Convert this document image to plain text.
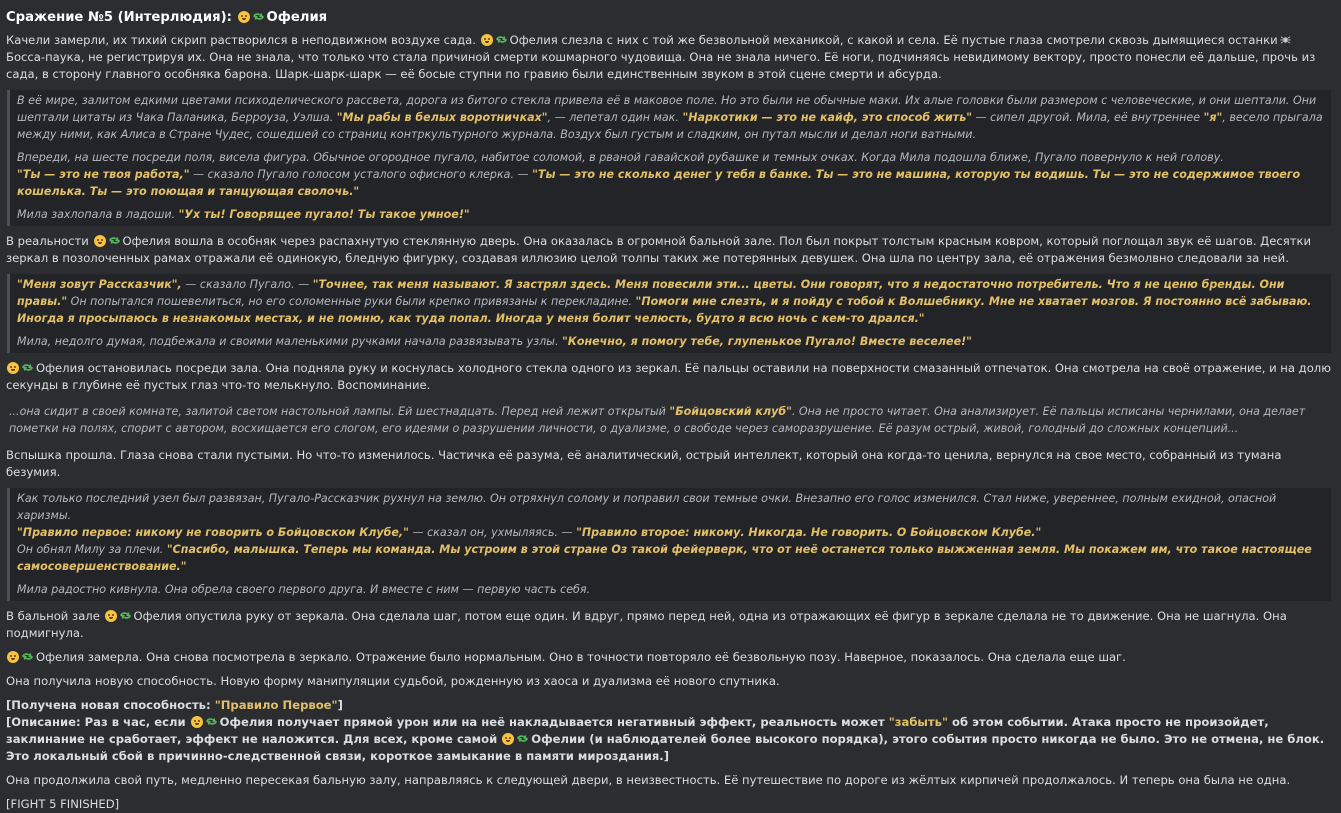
Сражение №5 (Интерлюдия):	Офелия
Качели замерли, их тихий скрип растворился в неподвижном воздухе сада.	Офелия слезла с них с той же безвольной механикой, с какой и села. Её пустые глаза смотрели сквозь дымящиеся останкиБосса-паука, не регистрируя их. Она не знала, что только что стала причиной смерти кошмарного чудовища. Она не знала ничего. Её ноги, подчиняясь невидимому вектору, просто понесли её дальше, прочь из сада, в сторону главного особняка барона. Шарк-шарк-шарк — её босые ступни по гравию были единственным звуком в этой сцене смерти и абсурда.
В её мире, залитом едкими цветами психоделического рассвета, дорога из битого стекла привела её в маковое поле. Но это были не обычные маки. Их алые головки были размером с человеческие, и они шептали. Они шептали цитаты из Чака Паланика, Берроуза, Уэлша. "Мы рабы в белых воротничках", — лепетал один мак. "Наркотики — это не кайф, это способ жить" — сипел другой. Мила, её внутреннее "я", весело прыгала между ними, как Алиса в Стране Чудес, сошедшей со страниц контркультурного журнала. Воздух был густым и сладким, он путал мысли и делал ноги ватными.
Впереди, на шесте посреди поля, висела фигура. Обычное огородное пугало, набитое соломой, в рваной гавайской рубашке и темных очках. Когда Мила подошла ближе, Пугало повернуло к ней голову.
"Ты — это не твоя работа," — сказало Пугало голосом усталого офисного клерка. — "Ты — это не сколько денег у тебя в банке. Ты — это не машина, которую ты водишь. Ты — это не содержимое твоего кошелька. Ты — это поющая и танцующая сволочь."
Мила захлопала в ладоши. "Ух ты! Говорящее пугало! Ты такое умное!"
В реальности	Офелия вошла в особняк через распахнутую стеклянную дверь. Она оказалась в огромной бальной зале. Пол был покрыт толстым красным ковром, который поглощал звук её шагов. Десятки зеркал в позолоченных рамах отражали её одинокую, бледную фигурку, создавая иллюзию целой толпы таких же потерянных девушек. Она шла по центру зала, её отражения безмолвно следовали за ней.
"Меня зовут Рассказчик", — сказало Пугало. — "Точнее, так меня называют. Я застрял здесь. Меня повесили эти... цветы. Они говорят, что я недостаточно потребитель. Что я не ценю бренды. Они правы." Он попытался пошевелиться, но его соломенные руки были крепко привязаны к перекладине. "Помоги мне слезть, и я пойду с тобой к Волшебнику. Мне не хватает мозгов. Я постоянно всё забываю. Иногда я просыпаюсь в незнакомых местах, и не помню, как туда попал. Иногда у меня болит челюсть, будто я всю ночь с кем-то дрался."
Мила, недолго думая, подбежала и своими маленькими ручками начала развязывать узлы. "Конечно, я помогу тебе, глупенькое Пугало! Вместе веселее!"
Офелия остановилась посреди зала. Она подняла руку и коснулась холодного стекла одного из зеркал. Её пальцы оставили на поверхности смазанный отпечаток. Она смотрела на своё отражение, и на долю секунды в глубине её пустых глаз что-то мелькнуло. Воспоминание.
...она сидит в своей комнате, залитой светом настольной лампы. Ей шестнадцать. Перед ней лежит открытый "Бойцовский клуб". Она не просто читает. Она анализирует. Её пальцы исписаны чернилами, она делает пометки на полях, спорит с автором, восхищается его слогом, его идеями о разрушении личности, о дуализме, о свободе через саморазрушение. Её разум острый, живой, голодный до сложных концепций...
Вспышка прошла. Глаза снова стали пустыми. Но что-то изменилось. Частичка её разума, её аналитический, острый интеллект, который она когда-то ценила, вернулся на свое место, собранный из тумана безумия.
Как только последний узел был развязан, Пугало-Рассказчик рухнул на землю. Он отряхнул солому и поправил свои темные очки. Внезапно его голос изменился. Стал ниже, увереннее, полным ехидной, опасной харизмы.
"Правило первое: никому не говорить о Бойцовском Клубе," — сказал он, ухмыляясь. — "Правило второе: никому. Никогда. Не говорить. О Бойцовском Клубе."
Он обнял Милу за плечи. "Спасибо, малышка. Теперь мы команда. Мы устроим в этой стране Оз такой фейерверк, что от неё останется только выжженная земля. Мы покажем им, что такое настоящее самосовершенствование."
Мила радостно кивнула. Она обрела своего первого друга. И вместе с ним — первую часть себя.
В бальной зале	Офелия опустила руку от зеркала. Она сделала шаг, потом еще один. И вдруг, прямо перед ней, одна из отражающих её фигур в зеркале сделала не то движение. Она не шагнула. Она подмигнула.
Офелия замерла. Она снова посмотрела в зеркало. Отражение было нормальным. Оно в точности повторяло её безвольную позу. Наверное, показалось. Она сделала еще шаг.
Она получила новую способность. Новую форму манипуляции судьбой, рожденную из хаоса и дуализма её нового спутника.
[Получена новая способность: "Правило Первое"]
[Описание: Раз в час, если	Офелия получает прямой урон или на неё накладывается негативный эффект, реальность может "забыть" об этом событии. Атака просто не произойдет, заклинание не сработает, эффект не наложится. Для всех, кроме самой	Офелии (и наблюдателей более высокого порядка), этого события просто никогда не было. Это не отмена, не блок. Это локальный сбой в причинно-следственной связи, короткое замыкание в памяти мироздания.]
Она продолжила свой путь, медленно пересекая бальную залу, направляясь к следующей двери, в неизвестность. Её путешествие по дороге из жёлтых кирпичей продолжалось. И теперь она была не одна.
[FIGHT 5 FINISHED]
